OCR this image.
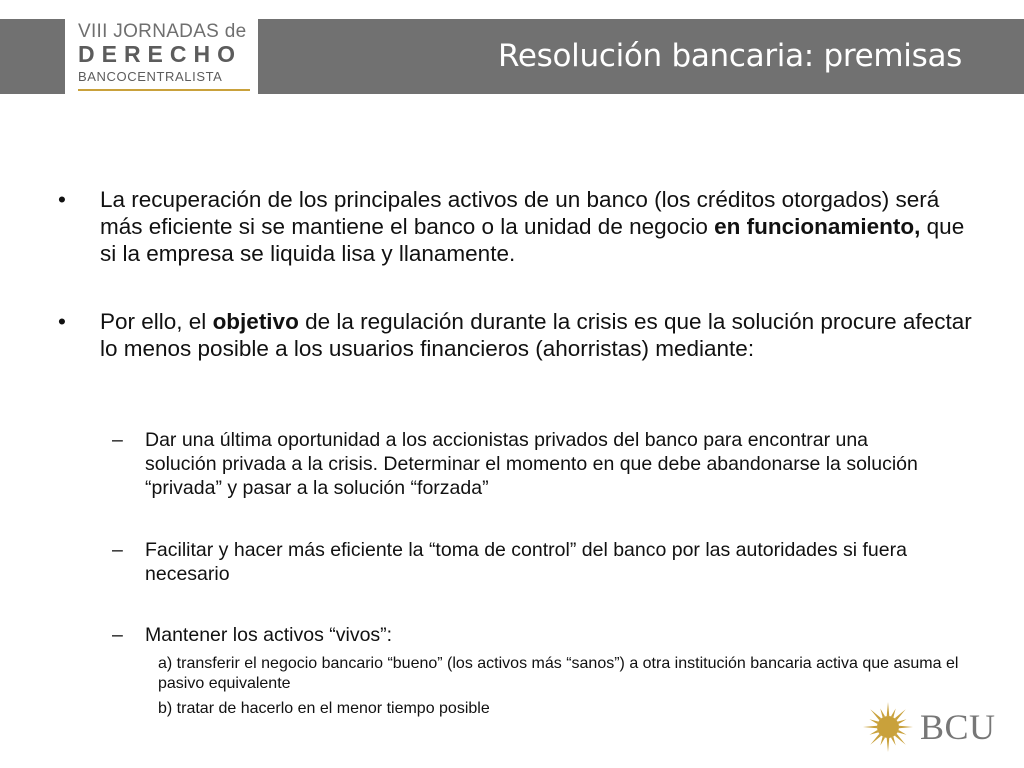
VIII JORNADAS de
DERECHO
BANCOCENTRALISTA
Resolución bancaria: premisas
• La recuperación de los principales activos de un banco (los créditos otorgados) será más eficiente si se mantiene el banco o la unidad de negocio en funcionamiento, que si la empresa se liquida lisa y llanamente.
• Por ello, el objetivo de la regulación durante la crisis es que la solución procure afectar lo menos posible a los usuarios financieros (ahorristas) mediante:
– Dar una última oportunidad a los accionistas privados del banco para encontrar una solución privada a la crisis. Determinar el momento en que debe abandonarse la solución “privada” y pasar a la solución “forzada”
– Facilitar y hacer más eficiente la “toma de control” del banco por las autoridades si fuera necesario
– Mantener los activos “vivos”:
a) transferir el negocio bancario “bueno” (los activos más “sanos”) a otra institución bancaria activa que asuma el pasivo equivalente
b) tratar de hacerlo en el menor tiempo posible	BCU
